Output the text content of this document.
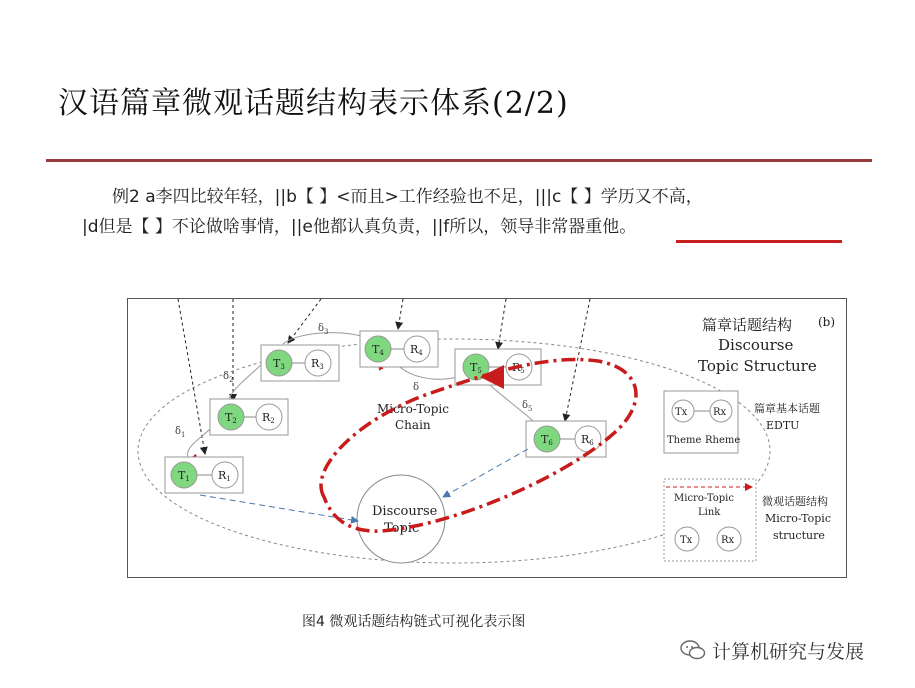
汉语篇章微观话题结构表示体系(2/2)
例2 a李四比较年轻，||b【 】<而且>工作经验也不足，|||c【 】学历又不高，
|d但是【 】不论做啥事情，||e他都认真负责，||f所以，领导非常器重他。
篇章话题结构 (b)
Discourse
Topic Structure
$\delta_1$
$\delta_2$
$\delta_3$
δ
$\delta_5$
T1	R1
T2 R2
T3 R3
T4 R4
T5	R5
T6	R6
Micro-Topic
Chain
Discourse
Topic
Tx	Rx
Theme Rheme
篇章基本话题
EDTU
Micro-Topic
Link
Tx	Rx
微观话题结构
Micro-Topic
structure
图4 微观话题结构链式可视化表示图
计算机研究与发展
